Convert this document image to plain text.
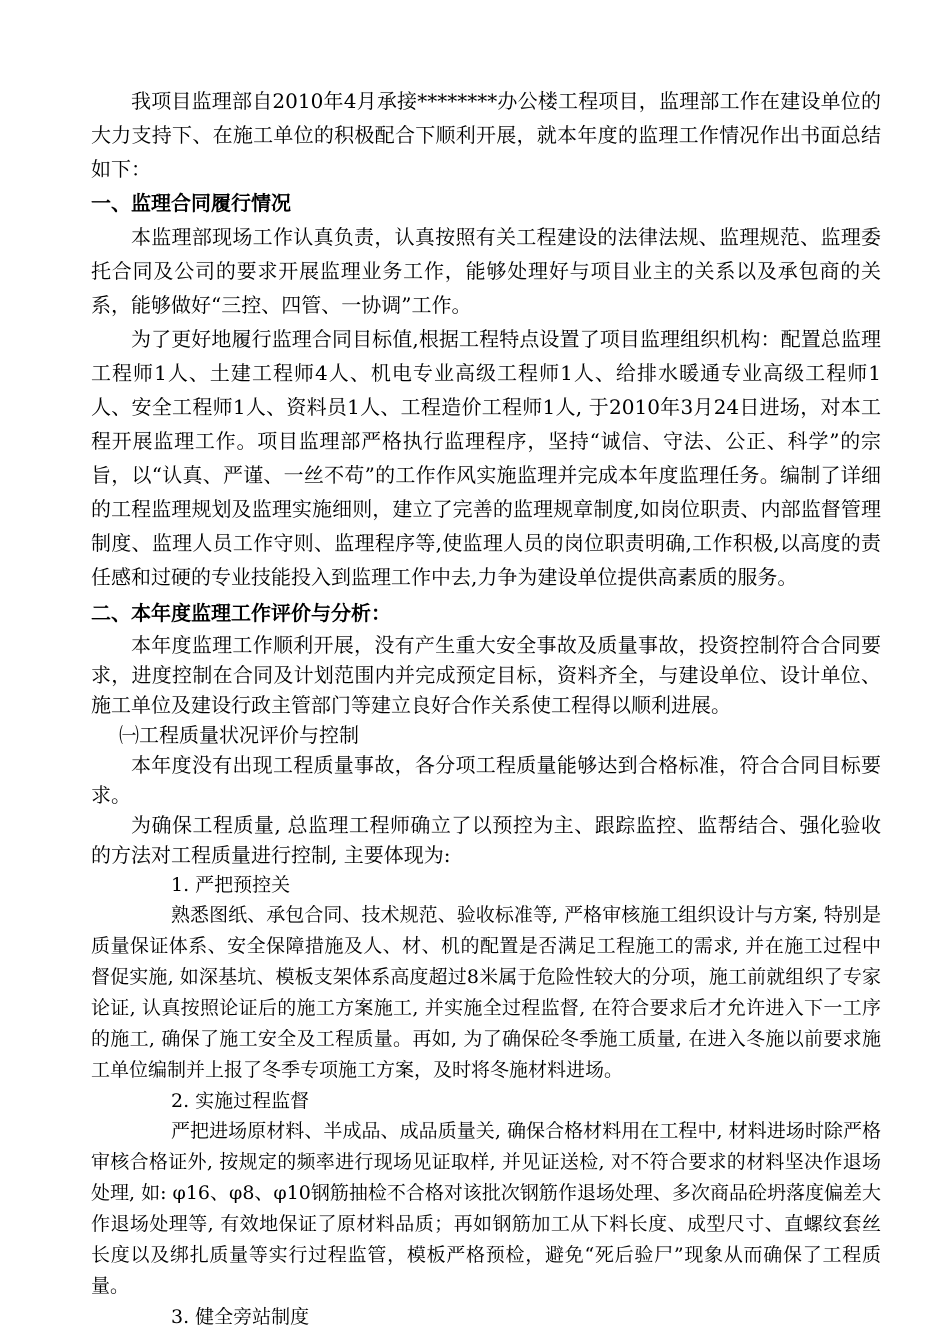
我项目监理部自2010年4月承接********办公楼工程项目，监理部工作在建设单位的大力支持下、在施工单位的积极配合下顺利开展，就本年度的监理工作情况作出书面总结如下：

一、监理合同履行情况

本监理部现场工作认真负责，认真按照有关工程建设的法律法规、监理规范、监理委托合同及公司的要求开展监理业务工作，能够处理好与项目业主的关系以及承包商的关系，能够做好“三控、四管、一协调”工作。

为了更好地履行监理合同目标值,根据工程特点设置了项目监理组织机构：配置总监理工程师1人、土建工程师4人、机电专业高级工程师1人、给排水暖通专业高级工程师1人、安全工程师1人、资料员1人、工程造价工程师1人, 于2010年3月24日进场，对本工程开展监理工作。项目监理部严格执行监理程序，坚持“诚信、守法、公正、科学”的宗旨，以“认真、严谨、一丝不苟”的工作作风实施监理并完成本年度监理任务。编制了详细的工程监理规划及监理实施细则，建立了完善的监理规章制度,如岗位职责、内部监督管理制度、监理人员工作守则、监理程序等,使监理人员的岗位职责明确,工作积极,以高度的责任感和过硬的专业技能投入到监理工作中去,力争为建设单位提供高素质的服务。

二、本年度监理工作评价与分析：

本年度监理工作顺利开展，没有产生重大安全事故及质量事故，投资控制符合合同要求，进度控制在合同及计划范围内并完成预定目标，资料齐全，与建设单位、设计单位、施工单位及建设行政主管部门等建立良好合作关系使工程得以顺利进展。

㈠工程质量状况评价与控制

本年度没有出现工程质量事故，各分项工程质量能够达到合格标准，符合合同目标要求。

为确保工程质量, 总监理工程师确立了以预控为主、跟踪监控、监帮结合、强化验收的方法对工程质量进行控制, 主要体现为:

1. 严把预控关

熟悉图纸、承包合同、技术规范、验收标准等, 严格审核施工组织设计与方案, 特别是质量保证体系、安全保障措施及人、材、机的配置是否满足工程施工的需求, 并在施工过程中督促实施, 如深基坑、模板支架体系高度超过8米属于危险性较大的分项，施工前就组织了专家论证, 认真按照论证后的施工方案施工, 并实施全过程监督, 在符合要求后才允许进入下一工序的施工, 确保了施工安全及工程质量。再如, 为了确保砼冬季施工质量, 在进入冬施以前要求施工单位编制并上报了冬季专项施工方案，及时将冬施材料进场。

2. 实施过程监督

严把进场原材料、半成品、成品质量关, 确保合格材料用在工程中, 材料进场时除严格审核合格证外, 按规定的频率进行现场见证取样, 并见证送检, 对不符合要求的材料坚决作退场处理, 如: φ16、φ8、φ10钢筋抽检不合格对该批次钢筋作退场处理、多次商品砼坍落度偏差大作退场处理等, 有效地保证了原材料品质；再如钢筋加工从下料长度、成型尺寸、直螺纹套丝长度以及绑扎质量等实行过程监管，模板严格预检，避免“死后验尸”现象从而确保了工程质量。

3. 健全旁站制度
